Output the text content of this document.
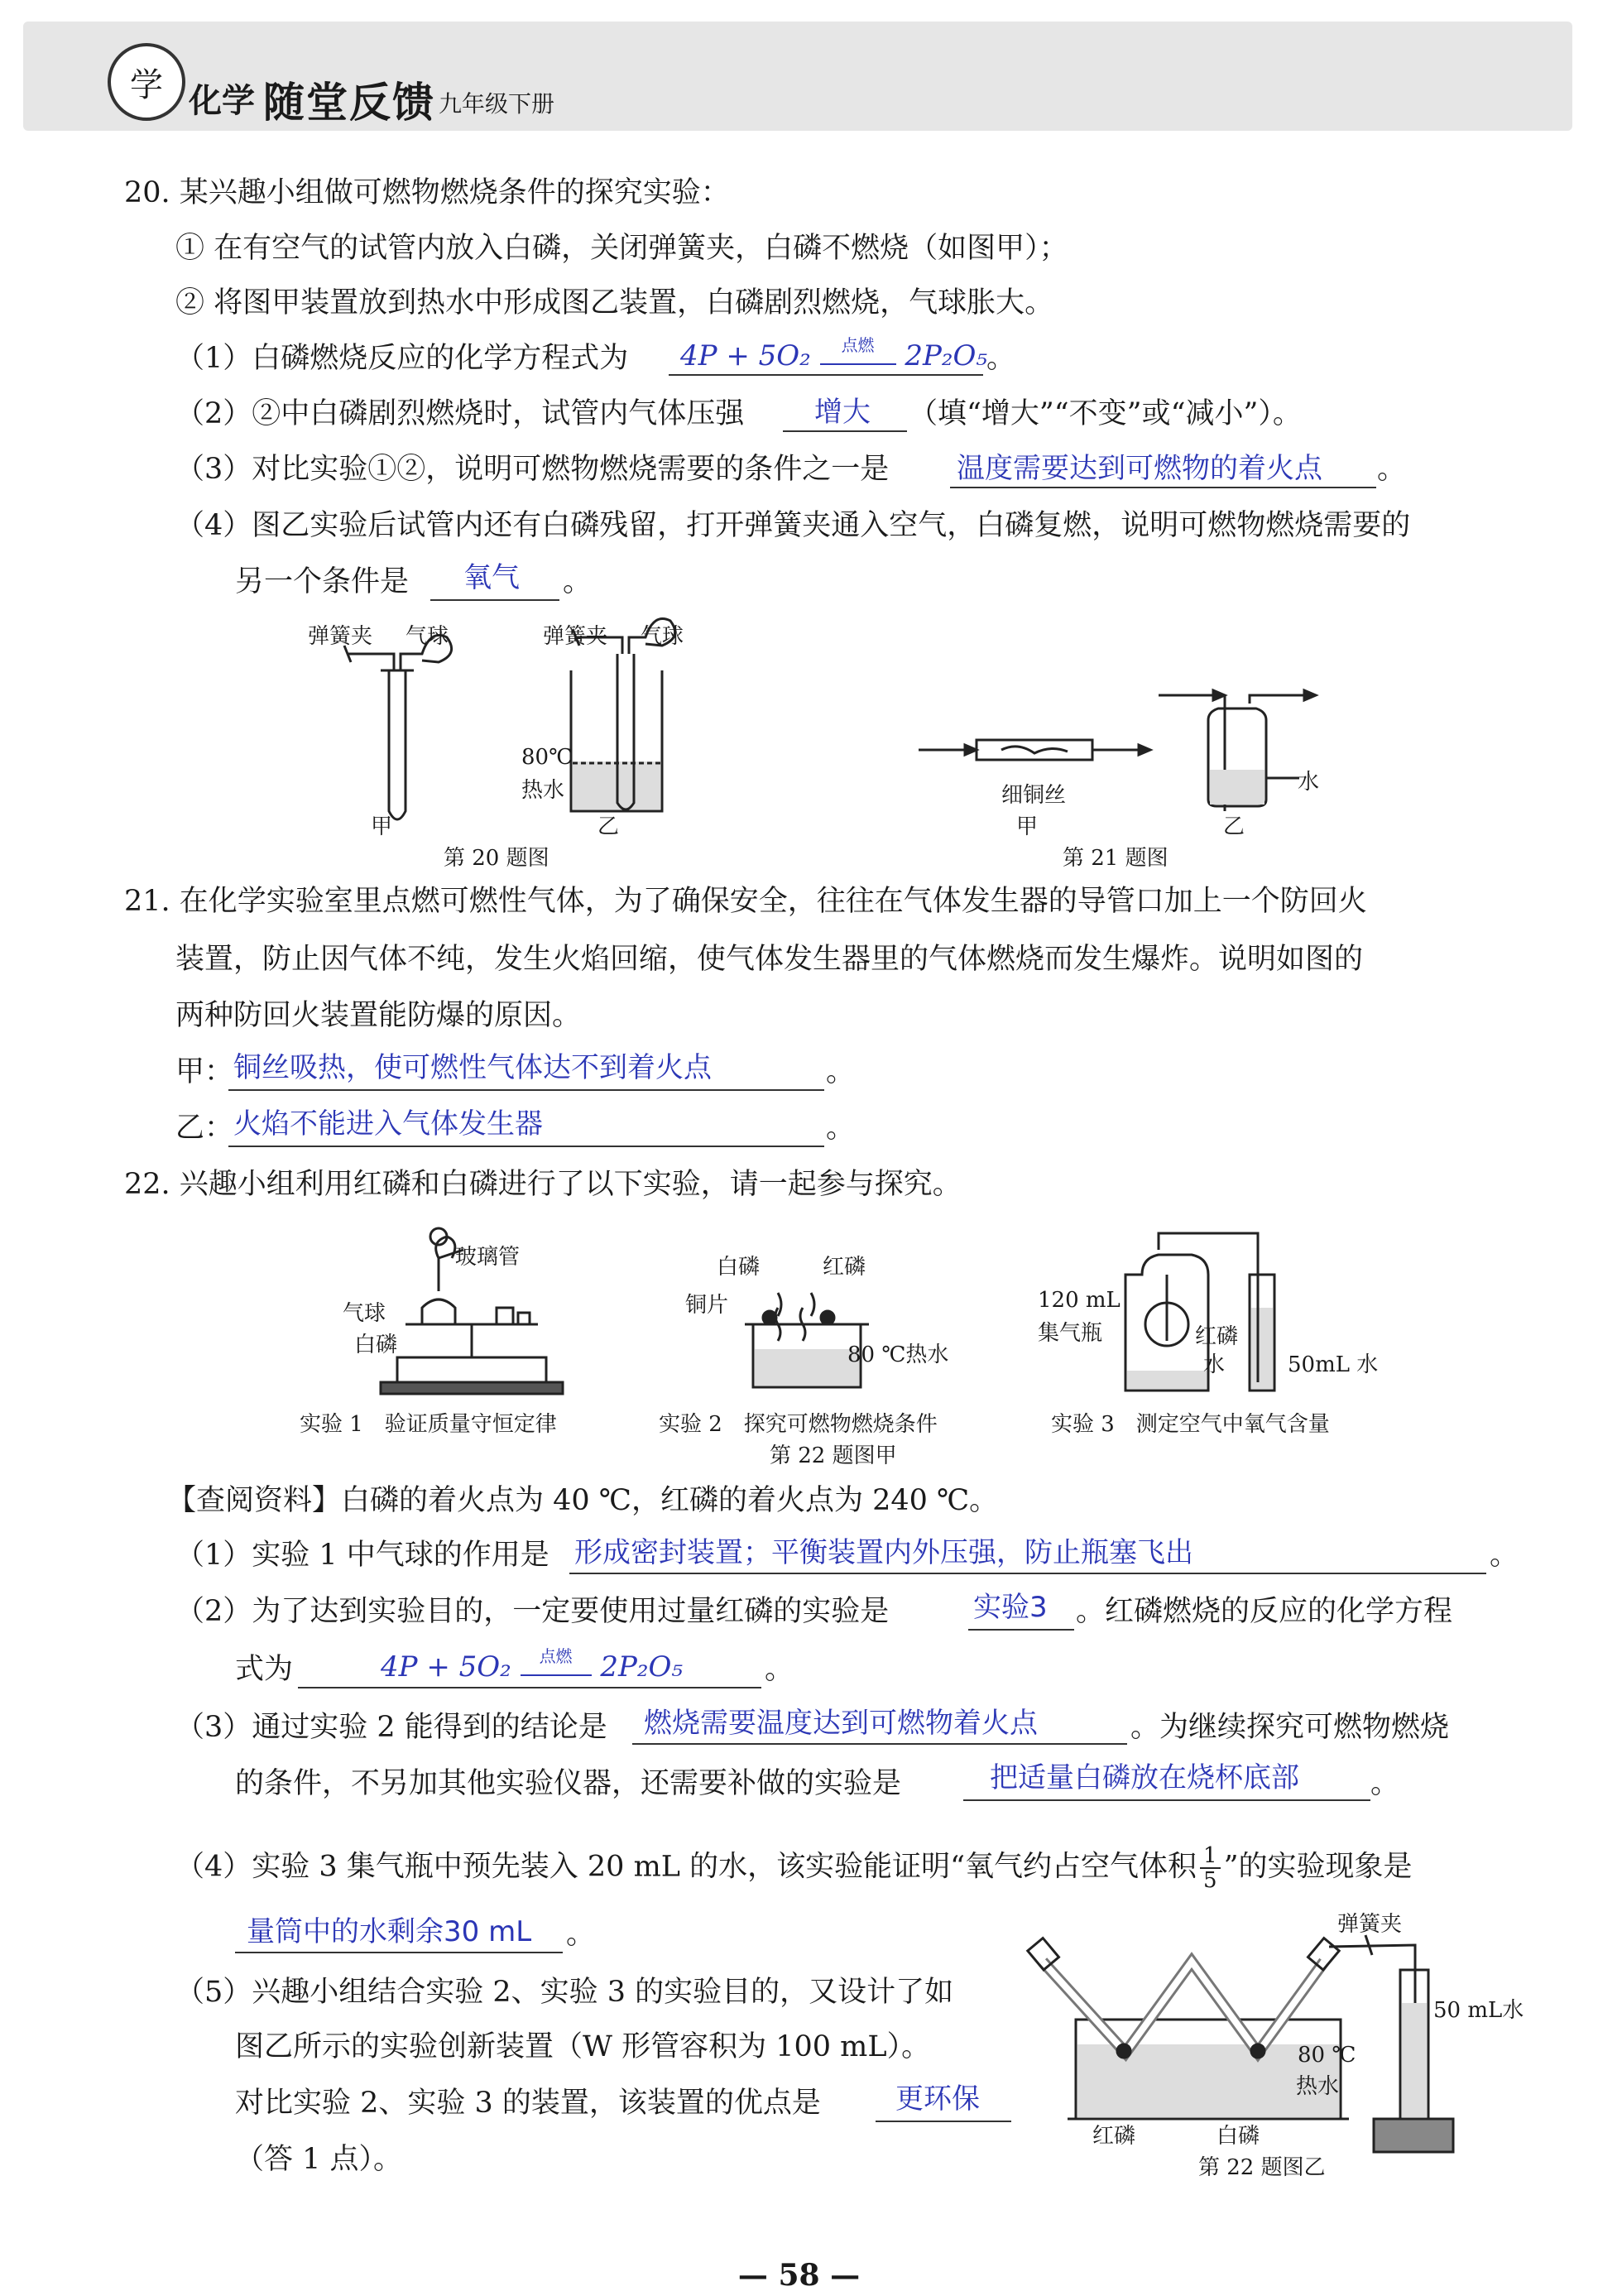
学 化学 随堂反馈 九年级下册
20. 某兴趣小组做可燃物燃烧条件的探究实验：
① 在有空气的试管内放入白磷，关闭弹簧夹，白磷不燃烧（如图甲）；
② 将图甲装置放到热水中形成图乙装置，白磷剧烈燃烧，气球胀大。
（1）白磷燃烧反应的化学方程式为 4P + 5O₂	点燃	2P₂O₅
。
（2）②中白磷剧烈燃烧时，试管内气体压强 增大 （填“增大”“不变”或“减小”）。
（3）对比实验①②，说明可燃物燃烧需要的条件之一是 温度需要达到可燃物的着火点 。
（4）图乙实验后试管内还有白磷残留，打开弹簧夹通入空气，白磷复燃，说明可燃物燃烧需要的
另一个条件是 氧气 。
弹簧夹 气球	弹簧夹 气球
80℃
热水
甲	乙
第 20 题图
细铜丝
水
甲	乙
第 21 题图
21. 在化学实验室里点燃可燃性气体，为了确保安全，往往在气体发生器的导管口加上一个防回火
装置，防止因气体不纯，发生火焰回缩，使气体发生器里的气体燃烧而发生爆炸。说明如图的
两种防回火装置能防爆的原因。
甲： 铜丝吸热，使可燃性气体达不到着火点	。
乙： 火焰不能进入气体发生器	。
22. 兴趣小组利用红磷和白磷进行了以下实验，请一起参与探究。
玻璃管
气球
白磷
白磷	红磷
铜片
80 ℃热水
120 mL
集气瓶	红磷
水	50mL 水
实验 1　验证质量守恒定律	实验 2　探究可燃物燃烧条件	实验 3　测定空气中氧气含量
第 22 题图甲
【查阅资料】白磷的着火点为 40 ℃，红磷的着火点为 240 ℃。
（1）实验 1 中气球的作用是 形成密封装置；平衡装置内外压强，防止瓶塞飞出	。
（2）为了达到实验目的，一定要使用过量红磷的实验是	实验3 。红磷燃烧的反应的化学方程
式为	4P + 5O₂	点燃 2P₂O₅	。
（3）通过实验 2 能得到的结论是 燃烧需要温度达到可燃物着火点	。为继续探究可燃物燃烧
的条件，不另加其他实验仪器，还需要补做的实验是	把适量白磷放在烧杯底部 。
（4）实验 3 集气瓶中预先装入 20 mL 的水，该实验能证明“氧气约占空气体积 $\frac{1}{5}$ ”的实验现象是
量筒中的水剩余30 mL 。
（5）兴趣小组结合实验 2、实验 3 的实验目的，又设计了如
图乙所示的实验创新装置（W 形管容积为 100 mL）。
对比实验 2、实验 3 的装置，该装置的优点是	更环保
（答 1 点）。
弹簧夹
50 mL水
80 ℃
热水
红磷	白磷
第 22 题图乙
— 58 —
